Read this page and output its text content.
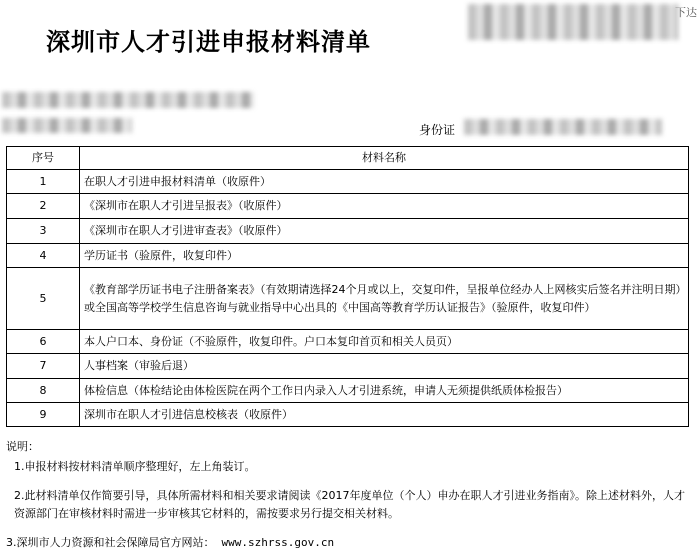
深圳市人才引进申报材料清单
下达
身份证
序号	材料名称
1	在职人才引进申报材料清单（收原件）
2	《深圳市在职人才引进呈报表》（收原件）
3	《深圳市在职人才引进审查表》（收原件）
4	学历证书（验原件，收复印件）
5	《教育部学历证书电子注册备案表》（有效期请选择24个月或以上，交复印件，呈报单位经办人上网核实后签名并注明日期）或全国高等学校学生信息咨询与就业指导中心出具的《中国高等教育学历认证报告》（验原件，收复印件）
6	本人户口本、身份证（不验原件，收复印件。户口本复印首页和相关人员页）
7	人事档案（审验后退）
8	体检信息（体检结论由体检医院在两个工作日内录入人才引进系统，申请人无须提供纸质体检报告）
9	深圳市在职人才引进信息校核表（收原件）

说明：

1.申报材料按材料清单顺序整理好，左上角装订。

2.此材料清单仅作简要引导，具体所需材料和相关要求请阅读《2017年度单位（个人）申办在职人才引进业务指南》。除上述材料外，人才资源部门在审核材料时需进一步审核其它材料的，需按要求另行提交相关材料。

3.深圳市人力资源和社会保障局官方网站： www.szhrss.gov.cn
